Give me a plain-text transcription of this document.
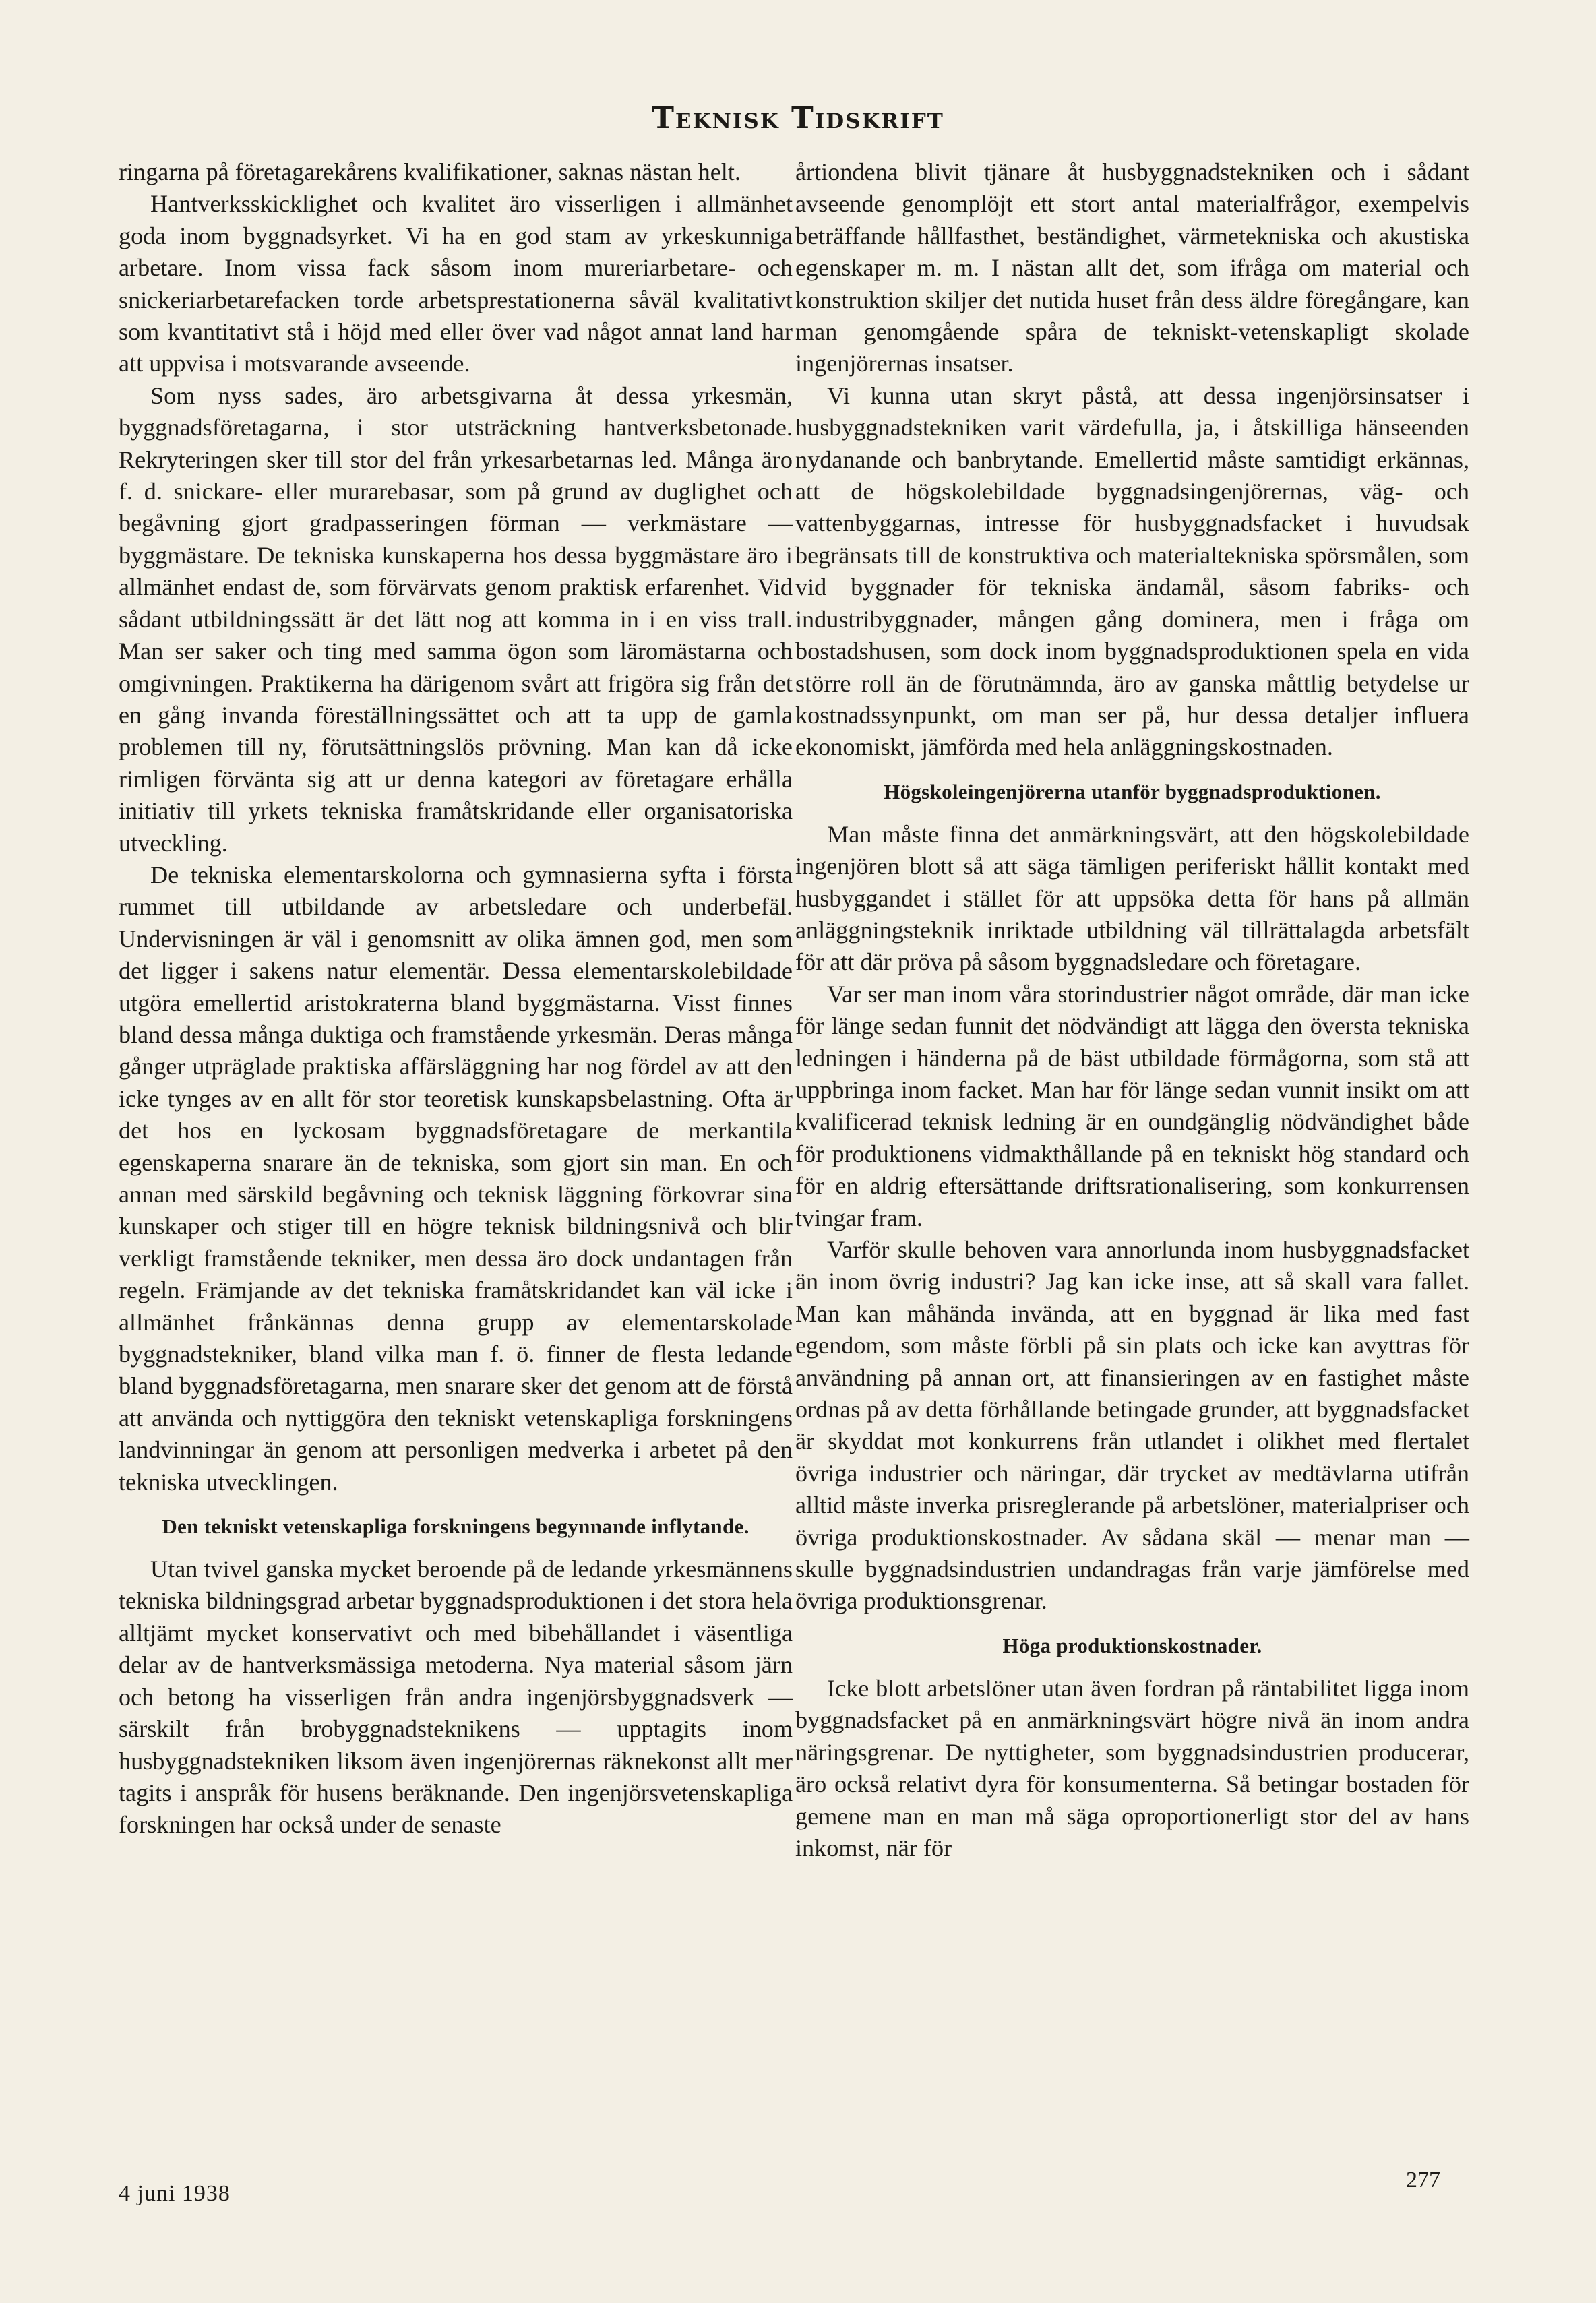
Teknisk Tidskrift

ringarna på företagarekårens kvalifikationer, saknas nästan helt.

Hantverksskicklighet och kvalitet äro visserligen i allmänhet goda inom byggnadsyrket. Vi ha en god stam av yrkeskunniga arbetare. Inom vissa fack såsom inom mureriarbetare- och snickeriarbetarefacken torde arbetsprestationerna såväl kvalitativt som kvantitativt stå i höjd med eller över vad något annat land har att uppvisa i motsvarande avseende.

Som nyss sades, äro arbetsgivarna åt dessa yrkesmän, byggnadsföretagarna, i stor utsträckning hantverksbetonade. Rekryteringen sker till stor del från yrkesarbetarnas led. Många äro f. d. snickare- eller murarebasar, som på grund av duglighet och begåvning gjort gradpasseringen förman — verkmästare — byggmästare. De tekniska kunskaperna hos dessa byggmästare äro i allmänhet endast de, som förvärvats genom praktisk erfarenhet. Vid sådant utbildningssätt är det lätt nog att komma in i en viss trall. Man ser saker och ting med samma ögon som läromästarna och omgivningen. Praktikerna ha därigenom svårt att frigöra sig från det en gång invanda föreställningssättet och att ta upp de gamla problemen till ny, förutsättningslös prövning. Man kan då icke rimligen förvänta sig att ur denna kategori av företagare erhålla initiativ till yrkets tekniska framåtskridande eller organisatoriska utveckling.

De tekniska elementarskolorna och gymnasierna syfta i första rummet till utbildande av arbetsledare och underbefäl. Undervisningen är väl i genomsnitt av olika ämnen god, men som det ligger i sakens natur elementär. Dessa elementarskolebildade utgöra emellertid aristokraterna bland byggmästarna. Visst finnes bland dessa många duktiga och framstående yrkesmän. Deras många gånger utpräglade praktiska affärsläggning har nog fördel av att den icke tynges av en allt för stor teoretisk kunskapsbelastning. Ofta är det hos en lyckosam byggnadsföretagare de merkantila egenskaperna snarare än de tekniska, som gjort sin man. En och annan med särskild begåvning och teknisk läggning förkovrar sina kunskaper och stiger till en högre teknisk bildningsnivå och blir verkligt framstående tekniker, men dessa äro dock undantagen från regeln. Främjande av det tekniska framåtskridandet kan väl icke i allmänhet frånkännas denna grupp av elementarskolade byggnadstekniker, bland vilka man f. ö. finner de flesta ledande bland byggnadsföretagarna, men snarare sker det genom att de förstå att använda och nyttiggöra den tekniskt vetenskapliga forskningens landvinningar än genom att personligen medverka i arbetet på den tekniska utvecklingen.

Den tekniskt vetenskapliga forskningens begynnande inflytande.

Utan tvivel ganska mycket beroende på de ledande yrkesmännens tekniska bildningsgrad arbetar byggnadsproduktionen i det stora hela alltjämt mycket konservativt och med bibehållandet i väsentliga delar av de hantverksmässiga metoderna. Nya material såsom järn och betong ha visserligen från andra ingenjörsbyggnadsverk — särskilt från brobyggnadsteknikens — upptagits inom husbyggnadstekniken liksom även ingenjörernas räknekonst allt mer tagits i anspråk för husens beräknande. Den ingenjörsvetenskapliga forskningen har också under de senaste

årtiondena blivit tjänare åt husbyggnadstekniken och i sådant avseende genomplöjt ett stort antal materialfrågor, exempelvis beträffande hållfasthet, beständighet, värmetekniska och akustiska egenskaper m. m. I nästan allt det, som ifråga om material och konstruktion skiljer det nutida huset från dess äldre föregångare, kan man genomgående spåra de tekniskt-vetenskapligt skolade ingenjörernas insatser.

Vi kunna utan skryt påstå, att dessa ingenjörsinsatser i husbyggnadstekniken varit värdefulla, ja, i åtskilliga hänseenden nydanande och banbrytande. Emellertid måste samtidigt erkännas, att de högskolebildade byggnadsingenjörernas, väg- och vattenbyggarnas, intresse för husbyggnadsfacket i huvudsak begränsats till de konstruktiva och materialtekniska spörsmålen, som vid byggnader för tekniska ändamål, såsom fabriks- och industribyggnader, mången gång dominera, men i fråga om bostadshusen, som dock inom byggnadsproduktionen spela en vida större roll än de förutnämnda, äro av ganska måttlig betydelse ur kostnadssynpunkt, om man ser på, hur dessa detaljer influera ekonomiskt, jämförda med hela anläggningskostnaden.

Högskoleingenjörerna utanför byggnadsproduktionen.

Man måste finna det anmärkningsvärt, att den högskolebildade ingenjören blott så att säga tämligen periferiskt hållit kontakt med husbyggandet i stället för att uppsöka detta för hans på allmän anläggningsteknik inriktade utbildning väl tillrättalagda arbetsfält för att där pröva på såsom byggnadsledare och företagare.

Var ser man inom våra storindustrier något område, där man icke för länge sedan funnit det nödvändigt att lägga den översta tekniska ledningen i händerna på de bäst utbildade förmågorna, som stå att uppbringa inom facket. Man har för länge sedan vunnit insikt om att kvalificerad teknisk ledning är en oundgänglig nödvändighet både för produktionens vidmakthållande på en tekniskt hög standard och för en aldrig eftersättande driftsrationalisering, som konkurrensen tvingar fram.

Varför skulle behoven vara annorlunda inom husbyggnadsfacket än inom övrig industri? Jag kan icke inse, att så skall vara fallet. Man kan måhända invända, att en byggnad är lika med fast egendom, som måste förbli på sin plats och icke kan avyttras för användning på annan ort, att finansieringen av en fastighet måste ordnas på av detta förhållande betingade grunder, att byggnadsfacket är skyddat mot konkurrens från utlandet i olikhet med flertalet övriga industrier och näringar, där trycket av medtävlarna utifrån alltid måste inverka prisreglerande på arbetslöner, materialpriser och övriga produktionskostnader. Av sådana skäl — menar man — skulle byggnadsindustrien undandragas från varje jämförelse med övriga produktionsgrenar.

Höga produktionskostnader.

Icke blott arbetslöner utan även fordran på räntabilitet ligga inom byggnadsfacket på en anmärkningsvärt högre nivå än inom andra näringsgrenar. De nyttigheter, som byggnadsindustrien producerar, äro också relativt dyra för konsumenterna. Så betingar bostaden för gemene man en man må säga oproportionerligt stor del av hans inkomst, när för

4 juni 1938
277
